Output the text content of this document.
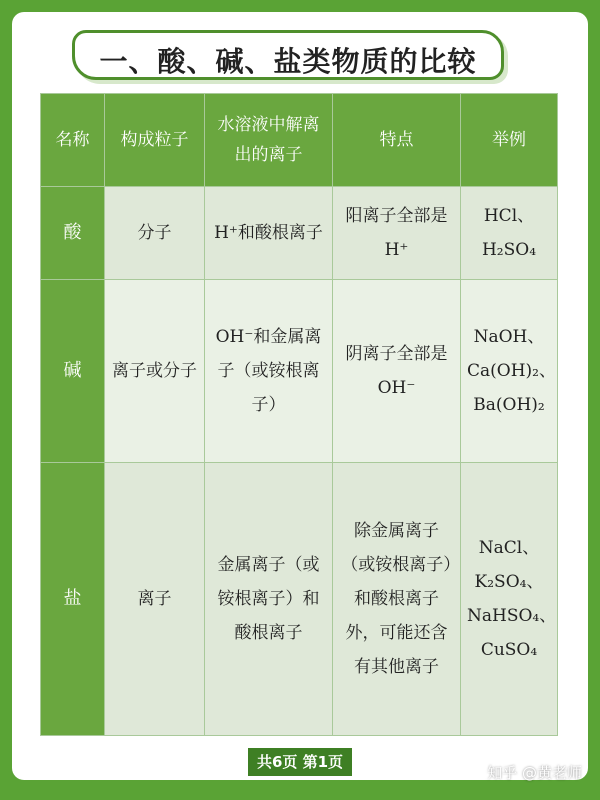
一、酸、碱、盐类物质的比较
名称	构成粒子	水溶液中解离出的离子	特点	举例
酸	分子	H⁺和酸根离子	阳离子全部是H⁺	HCl、H₂SO₄
碱	离子或分子	OH⁻和金属离子（或铵根离子）	阴离子全部是OH⁻	NaOH、Ca(OH)₂、Ba(OH)₂
盐	离子	金属离子（或铵根离子）和酸根离子	除金属离子（或铵根离子）和酸根离子外，可能还含有其他离子	NaCl、K₂SO₄、NaHSO₄、CuSO₄
共6页 第1页
知乎 @黄老师
